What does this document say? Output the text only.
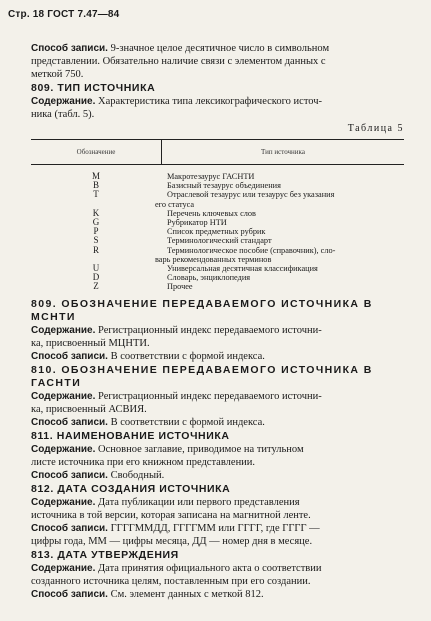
Стр. 18 ГОСТ 7.47—84

Способ записи. 9-значное целое десятичное число в символьном

представлении. Обязательно наличие связи с элементом данных с

меткой 750.

809. ТИП ИСТОЧНИКА

Содержание. Характеристика типа лексикографического источ-

ника (табл. 5).

Таблица 5
Обозначение	Тип источника
M
B
T
K
G
P
S
R
U
D
Z
Макротезаурус ГАСНТИ
Базисный тезаурус объединения
Отраслевой тезаурус или тезаурус без указания
его статуса
Перечень ключевых слов
Рубрикатор НТИ
Список предметных рубрик
Терминологический стандарт
Терминологическое пособие (справочник), сло-
варь рекомендованных терминов
Универсальная десятичная классификация
Словарь, энциклопедия
Прочее
809. ОБОЗНАЧЕНИЕ ПЕРЕДАВАЕМОГО ИСТОЧНИКА В
МСНТИ

Содержание. Регистрационный индекс передаваемого источни-

ка, присвоенный МЦНТИ.

Способ записи. В соответствии с формой индекса.

810. ОБОЗНАЧЕНИЕ ПЕРЕДАВАЕМОГО ИСТОЧНИКА В
ГАСНТИ

Содержание. Регистрационный индекс передаваемого источни-

ка, присвоенный АСВИЯ.

Способ записи. В соответствии с формой индекса.

811. НАИМЕНОВАНИЕ ИСТОЧНИКА

Содержание. Основное заглавие, приводимое на титульном

листе источника при его книжном представлении.

Способ записи. Свободный.

812. ДАТА СОЗДАНИЯ ИСТОЧНИКА

Содержание. Дата публикации или первого представления

источника в той версии, которая записана на магнитной ленте.

Способ записи. ГГГГММДД, ГГГГММ или ГГГГ, где ГГГГ —

цифры года, ММ — цифры месяца, ДД — номер дня в месяце.

813. ДАТА УТВЕРЖДЕНИЯ

Содержание. Дата принятия официального акта о соответствии

созданного источника целям, поставленным при его создании.

Способ записи. См. элемент данных с меткой 812.
